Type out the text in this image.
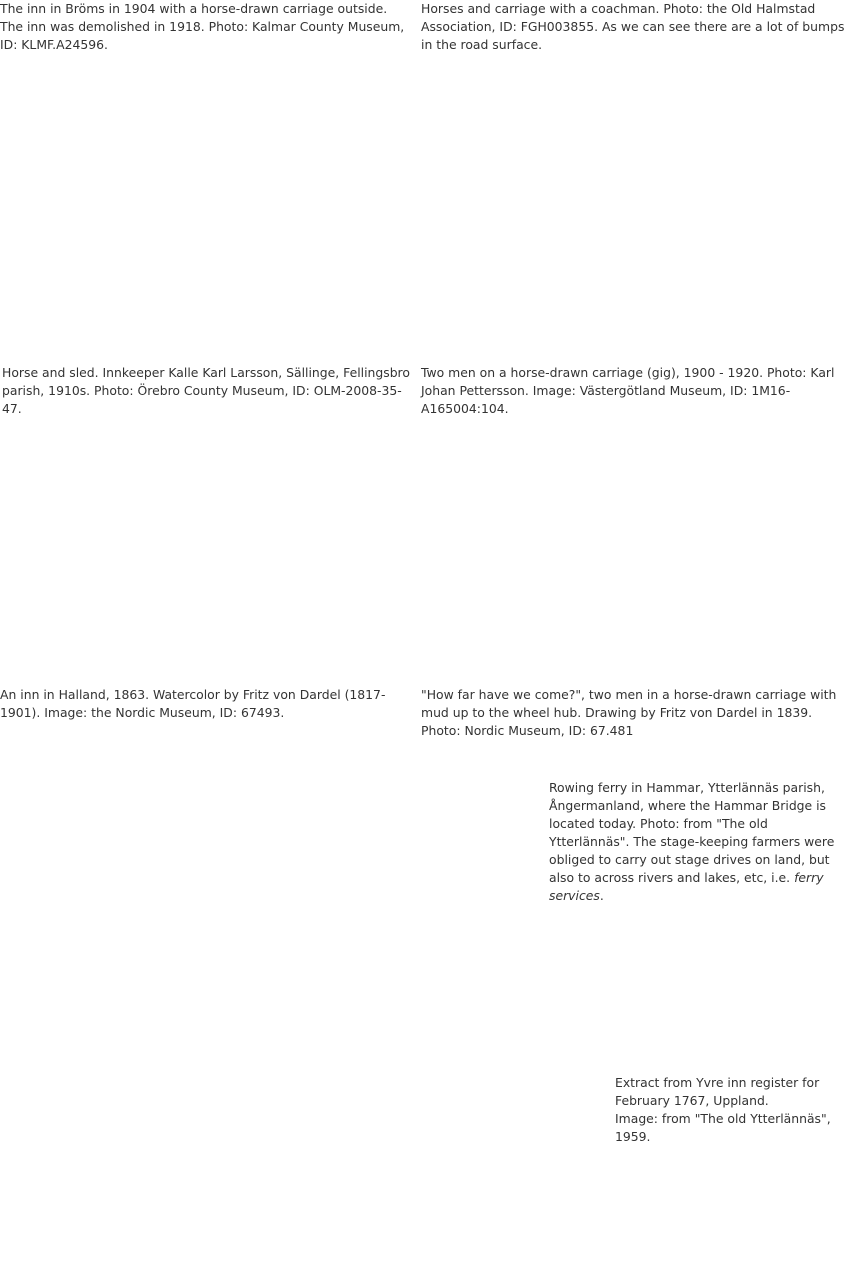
The inn in Bröms in 1904 with a horse-drawn carriage outside. The inn was demolished in 1918. Photo: Kalmar County Museum, ID: KLMF.A24596.

Horses and carriage with a coachman. Photo: the Old Halmstad Association, ID: FGH003855. As we can see there are a lot of bumps in the road surface.

Horse and sled. Innkeeper Kalle Karl Larsson, Sällinge, Fellingsbro parish, 1910s. Photo: Örebro County Museum, ID: OLM-2008-35-47.

Two men on a horse-drawn carriage (gig), 1900 - 1920. Photo: Karl Johan Pettersson. Image: Västergötland Museum, ID: 1M16-A165004:104.

An inn in Halland, 1863. Watercolor by Fritz von Dardel (1817-1901). Image: the Nordic Museum, ID: 67493.

"How far have we come?", two men in a horse-drawn carriage with mud up to the wheel hub. Drawing by Fritz von Dardel in 1839.
Photo: Nordic Museum, ID: 67.481

Rowing ferry in Hammar, Ytterlännäs parish, Ångermanland, where the Hammar Bridge is located today. Photo: from "The old Ytterlännäs". The stage-keeping farmers were obliged to carry out stage drives on land, but also to across rivers and lakes, etc, i.e. ferry services.

Extract from Yvre inn register for February 1767, Uppland.
Image: from "The old Ytterlännäs", 1959.
